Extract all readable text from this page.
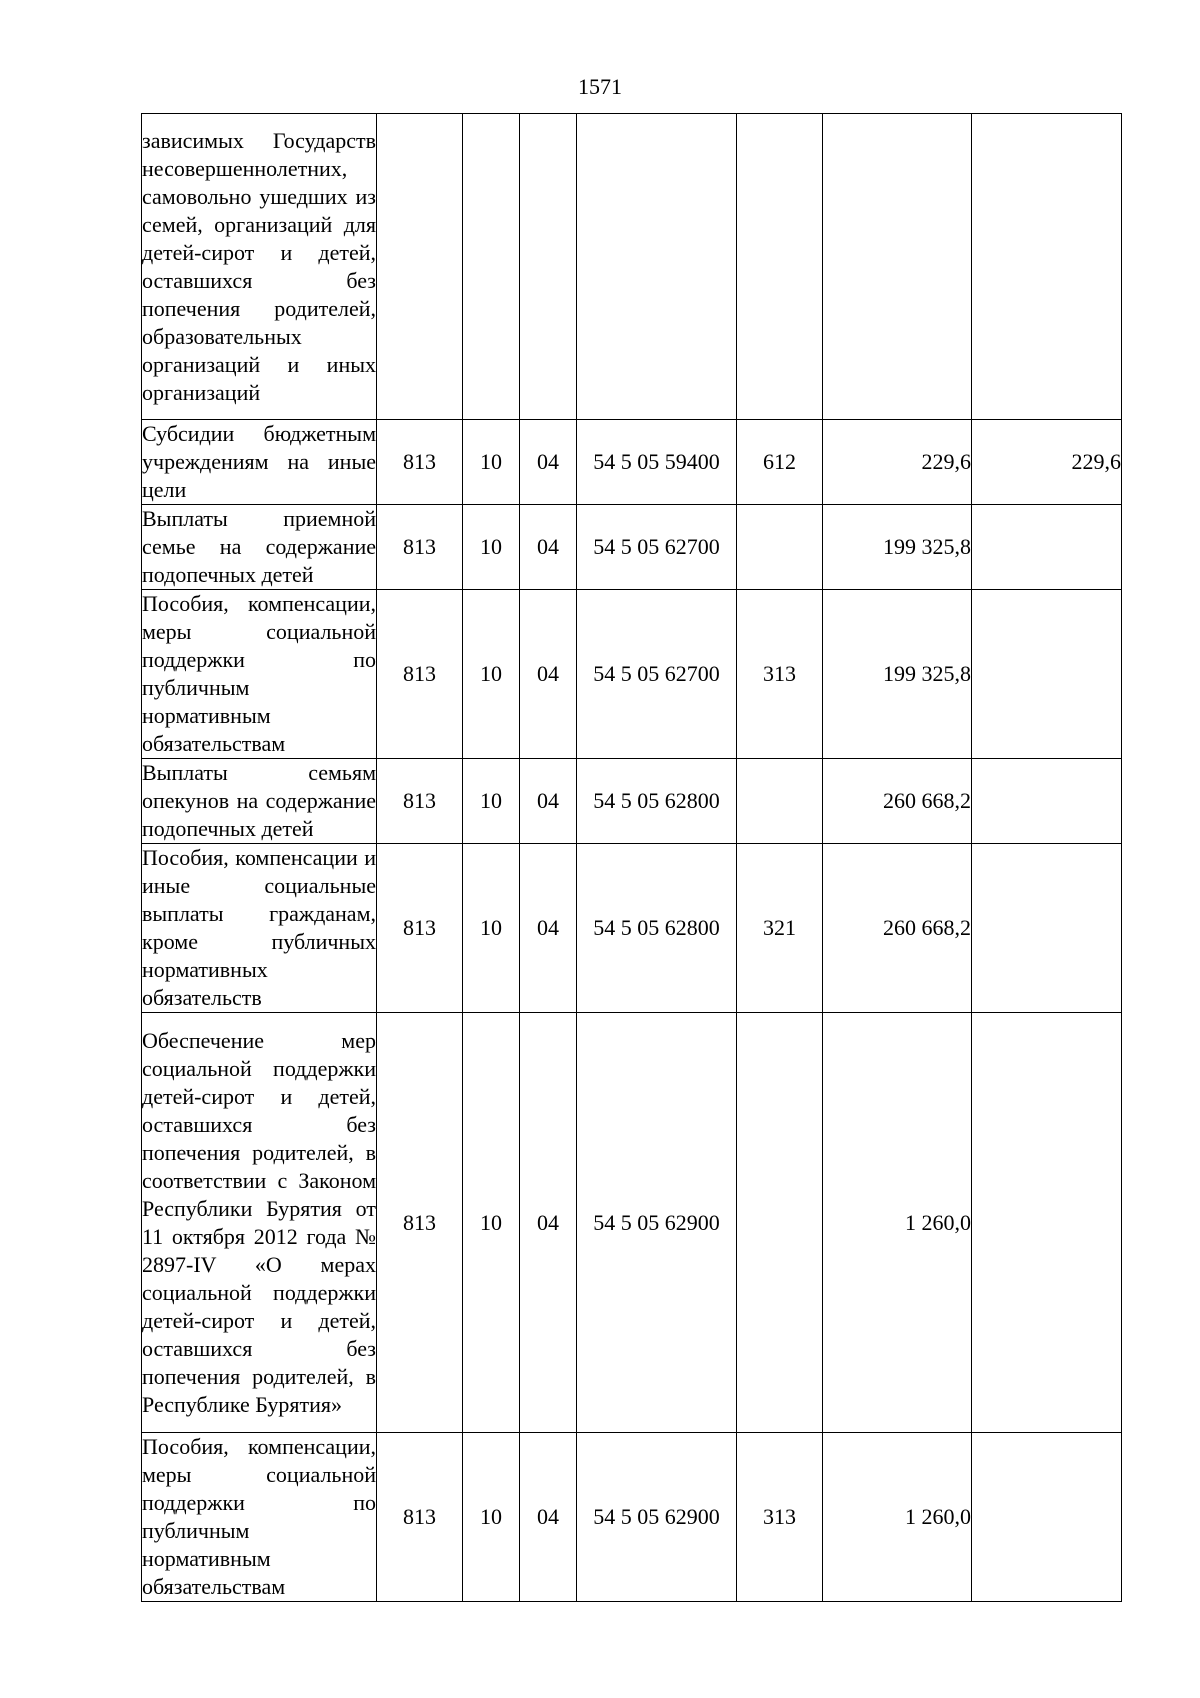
1571
зависимых Государств несовершеннолетних, самовольно ушедших из семей, организаций для детей-сирот и детей, оставшихся без попечения родителей, образовательных организаций и иных организаций							
Субсидии бюджетным учреждениям на иные цели	813	10	04	54 5 05 59400	612	229,6	229,6
Выплаты приемной семье на содержание подопечных детей	813	10	04	54 5 05 62700		199 325,8	
Пособия, компенсации, меры социальной поддержки по публичным нормативным обязательствам	813	10	04	54 5 05 62700	313	199 325,8	
Выплаты семьям опекунов на содержание подопечных детей	813	10	04	54 5 05 62800		260 668,2	
Пособия, компенсации и иные социальные выплаты гражданам, кроме публичных нормативных обязательств	813	10	04	54 5 05 62800	321	260 668,2	
Обеспечение мер социальной поддержки детей-сирот и детей, оставшихся без попечения родителей, в соответствии с Законом Республики Бурятия от 11 октября 2012 года № 2897-IV «О мерах социальной поддержки детей-сирот и детей, оставшихся без попечения родителей, в Республике Бурятия»	813	10	04	54 5 05 62900		1 260,0	
Пособия, компенсации, меры социальной поддержки по публичным нормативным обязательствам	813	10	04	54 5 05 62900	313	1 260,0	
